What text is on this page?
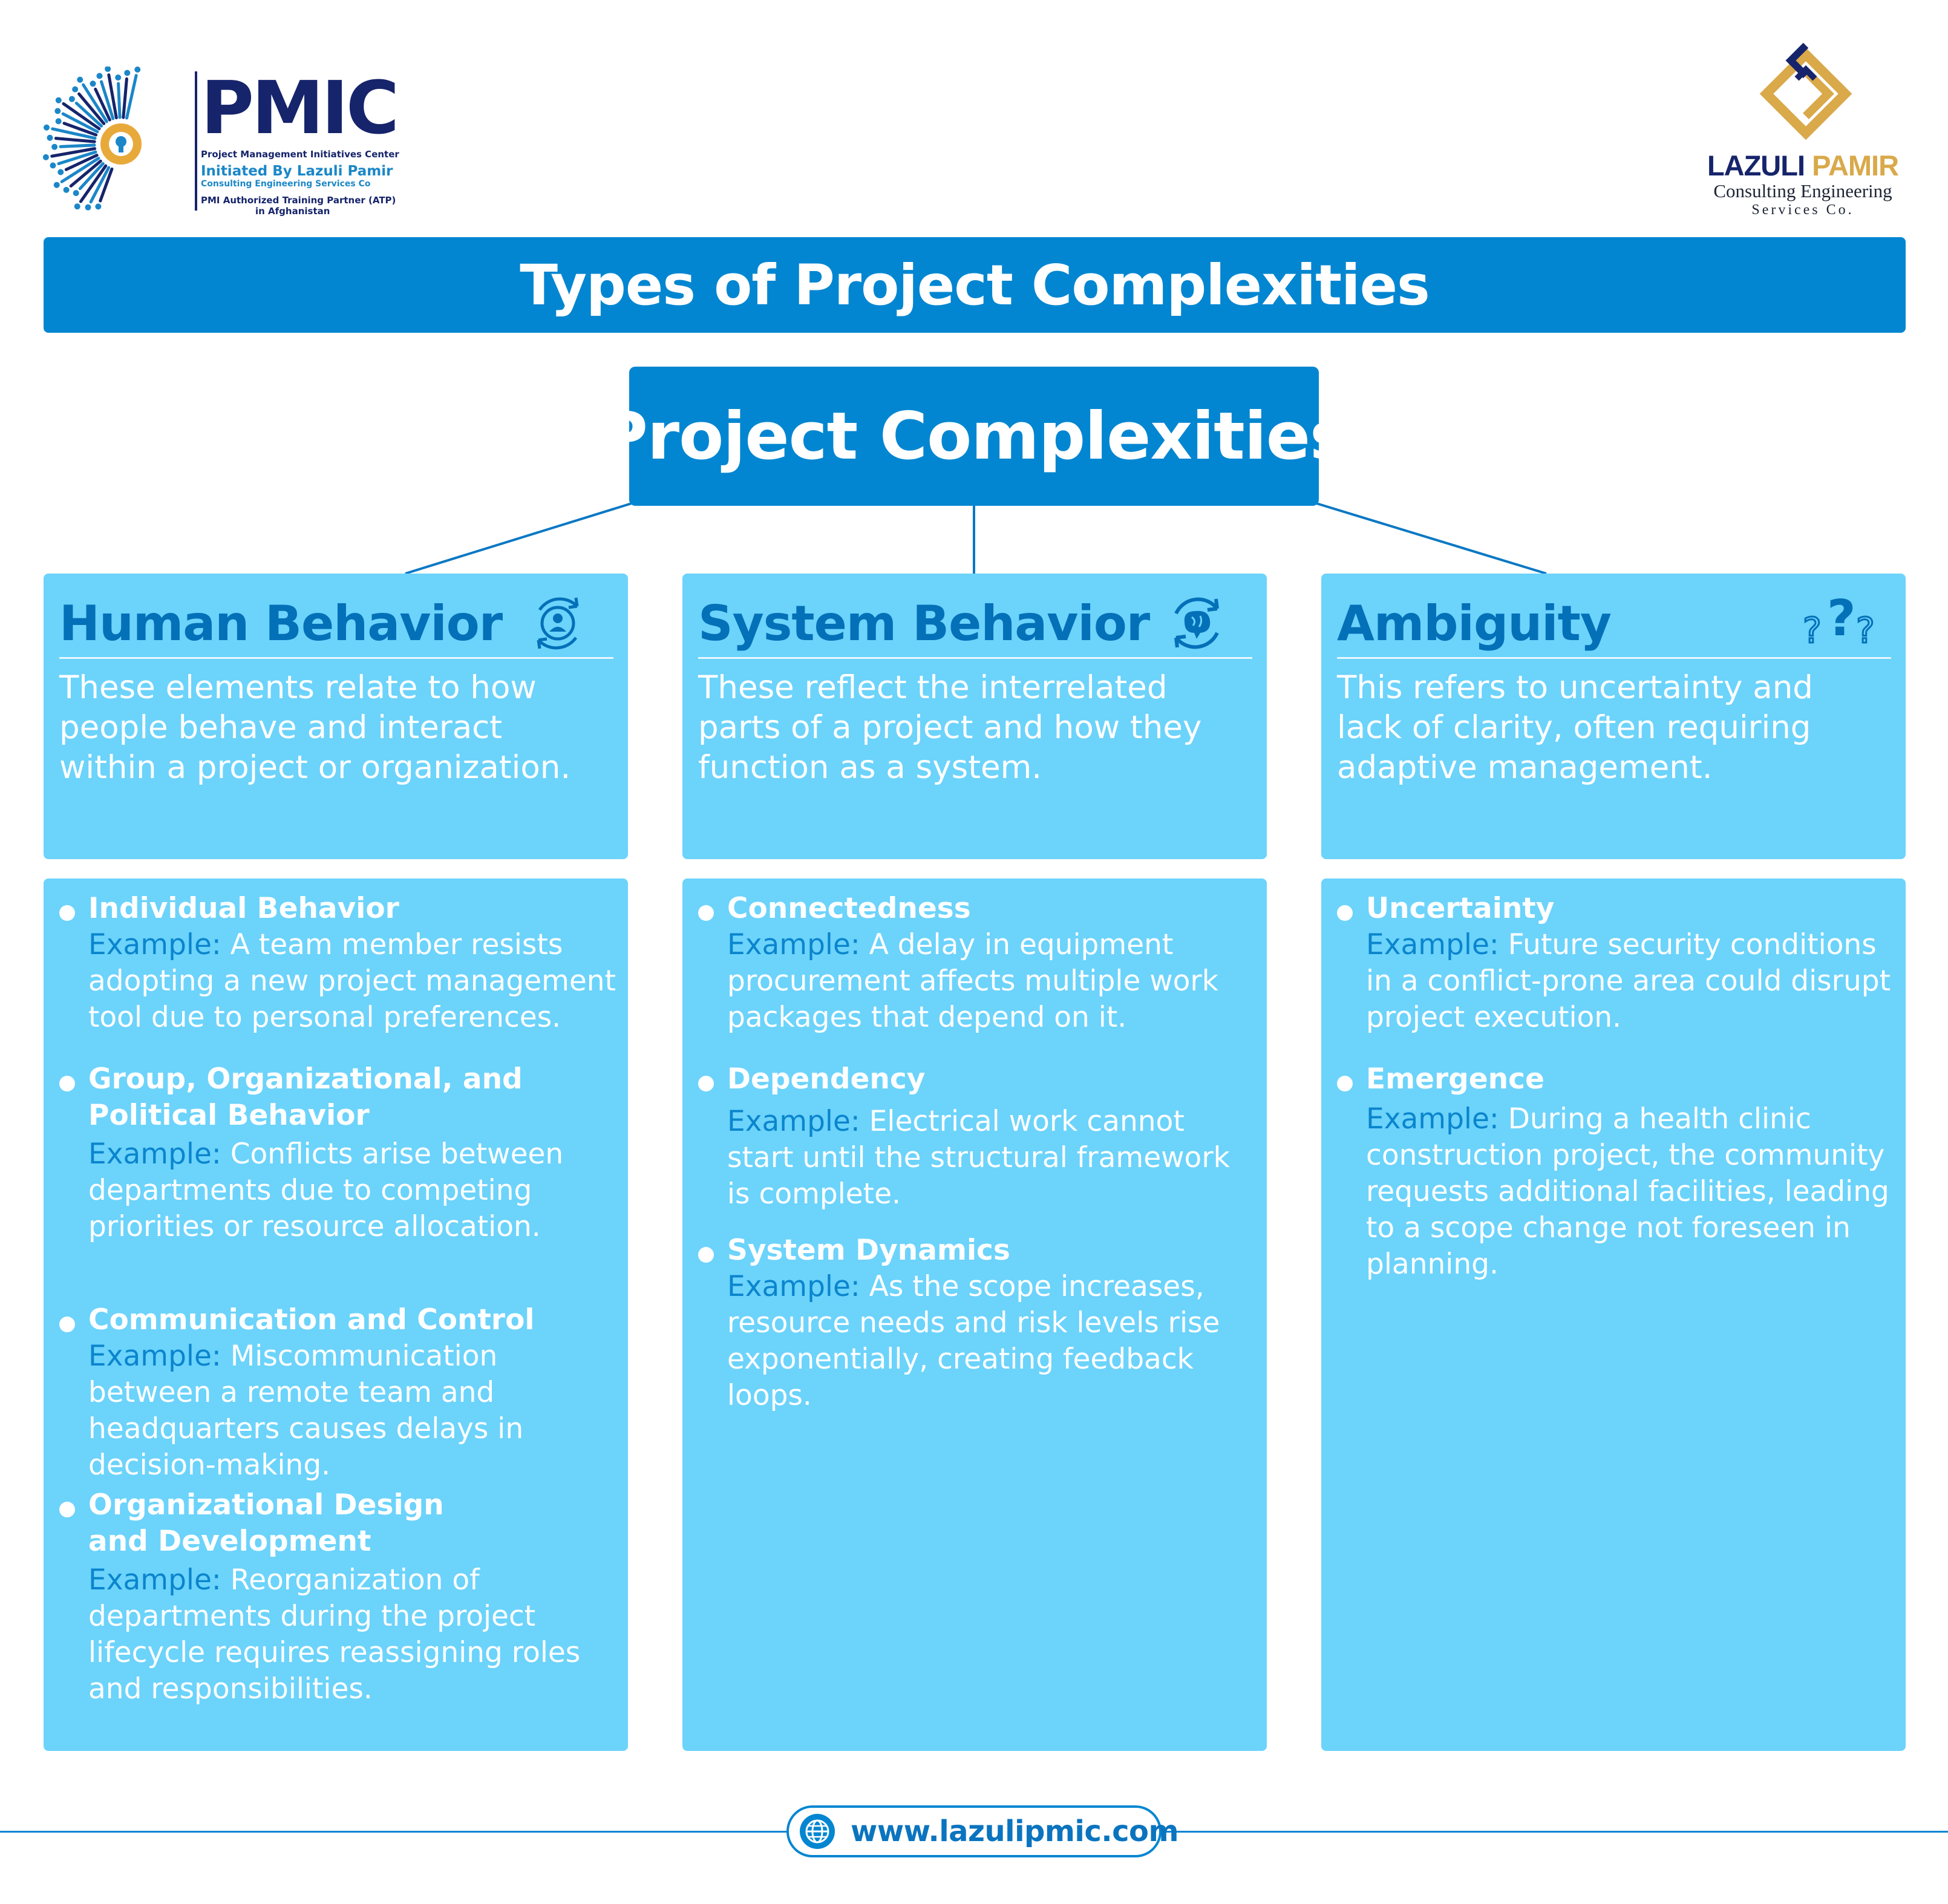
PMIC
Project Management Initiatives Center
Initiated By Lazuli Pamir
Consulting Engineering Services Co
PMI Authorized Training Partner (ATP)
in Afghanistan
LAZULI PAMIR
Consulting Engineering
Services Co.
Types of Project Complexities
Project Complexities
Human Behavior
These elements relate to how people behave and interact within a project or organization.
Individual Behavior
Example: A team member resists adopting a new project management tool due to personal preferences.
Group, Organizational, and Political Behavior
Example: Conflicts arise between departments due to competing priorities or resource allocation.
Communication and Control
Example: Miscommunication between a remote team and headquarters causes delays in decision-making.
Organizational Design and Development
Example: Reorganization of departments during the project lifecycle requires reassigning roles and responsibilities.
System Behavior
These reflect the interrelated parts of a project and how they function as a system.
Connectedness
Example: A delay in equipment procurement affects multiple work packages that depend on it.
Dependency
Example: Electrical work cannot start until the structural framework is complete.
System Dynamics
Example: As the scope increases, resource needs and risk levels rise exponentially, creating feedback loops.
Ambiguity	? ? ?
This refers to uncertainty and lack of clarity, often requiring adaptive management.
Uncertainty
Example: Future security conditions in a conflict-prone area could disrupt project execution.
Emergence
Example: During a health clinic construction project, the community requests additional facilities, leading to a scope change not foreseen in planning.
www.lazulipmic.com
